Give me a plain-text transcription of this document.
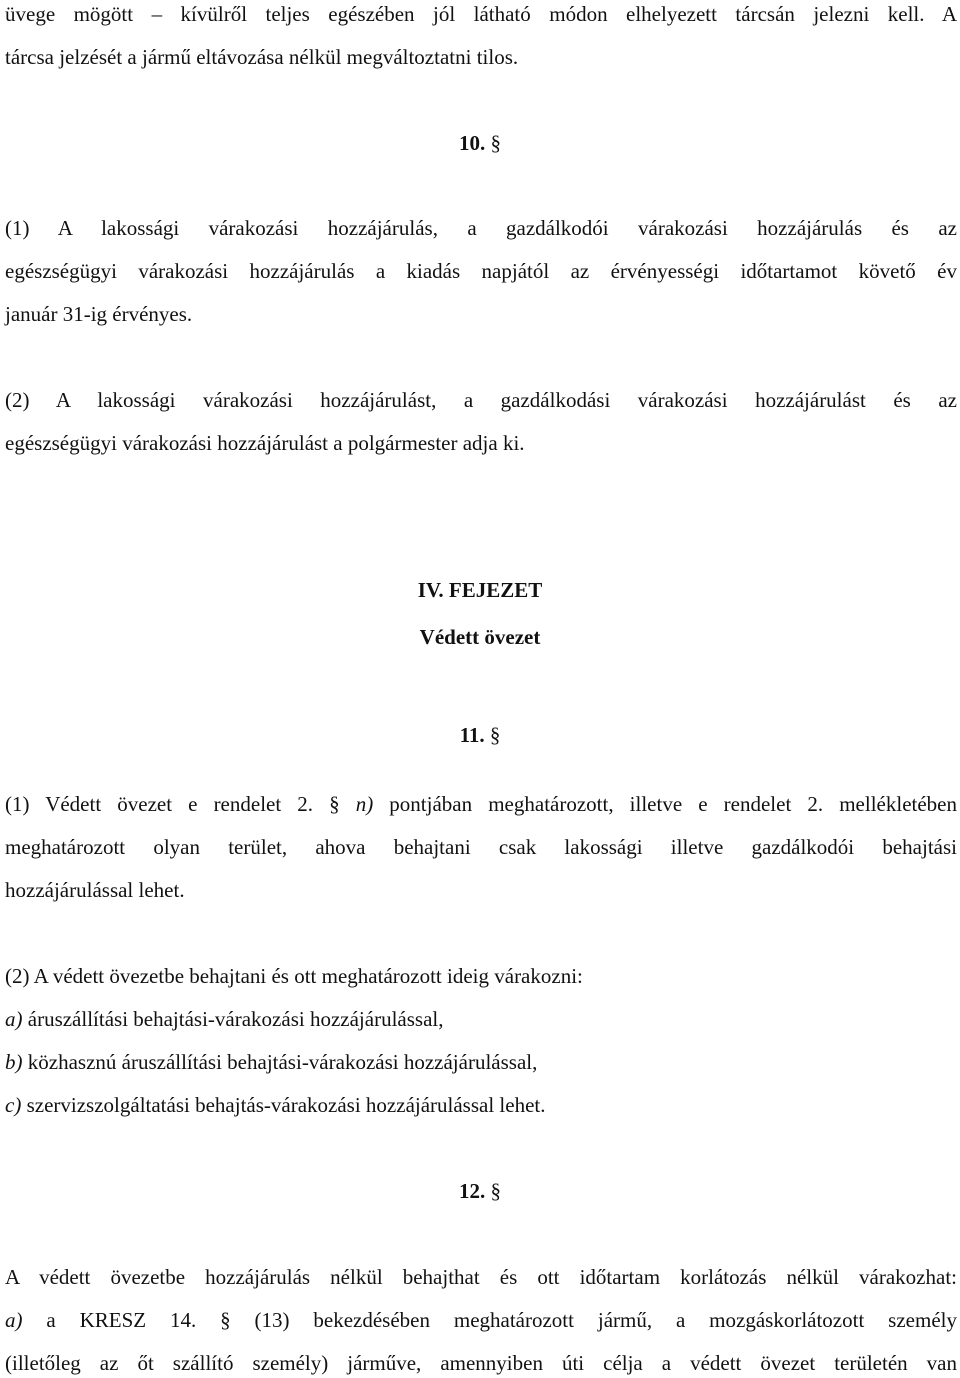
üvege mögött – kívülről teljes egészében jól látható módon elhelyezett tárcsán jelezni kell. A
tárcsa jelzését a jármű eltávozása nélkül megváltoztatni tilos.
10. §
(1) A lakossági várakozási hozzájárulás, a gazdálkodói várakozási hozzájárulás és az
egészségügyi várakozási hozzájárulás a kiadás napjától az érvényességi időtartamot követő év
január 31-ig érvényes.
(2) A lakossági várakozási hozzájárulást, a gazdálkodási várakozási hozzájárulást és az
egészségügyi várakozási hozzájárulást a polgármester adja ki.
IV. FEJEZET
Védett övezet
11. §
(1) Védett övezet e rendelet 2. § n) pontjában meghatározott, illetve e rendelet 2. mellékletében
meghatározott olyan terület, ahova behajtani csak lakossági illetve gazdálkodói behajtási
hozzájárulással lehet.
(2) A védett övezetbe behajtani és ott meghatározott ideig várakozni:
a) áruszállítási behajtási-várakozási hozzájárulással,
b) közhasznú áruszállítási behajtási-várakozási hozzájárulással,
c) szervizszolgáltatási behajtás-várakozási hozzájárulással lehet.
12. §
A védett övezetbe hozzájárulás nélkül behajthat és ott időtartam korlátozás nélkül várakozhat:
a) a KRESZ 14. § (13) bekezdésében meghatározott jármű, a mozgáskorlátozott személy
(illetőleg az őt szállító személy) járműve, amennyiben úti célja a védett övezet területén van
